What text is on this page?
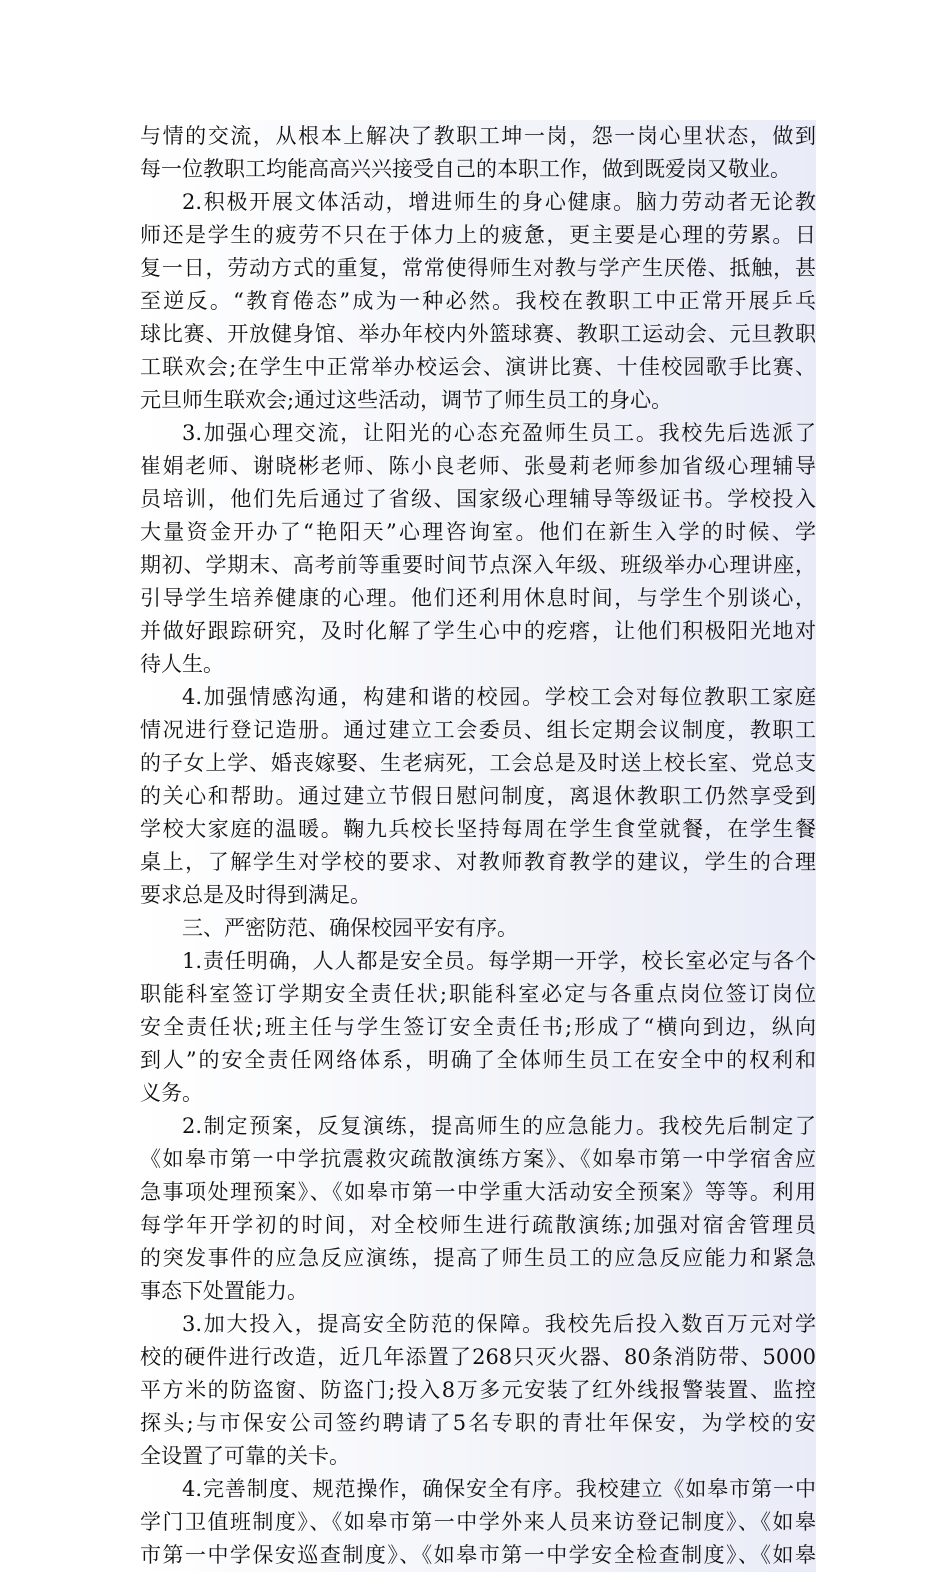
与情的交流，从根本上解决了教职工坤一岗，怨一岗心里状态，做到
每一位教职工均能高高兴兴接受自己的本职工作，做到既爱岗又敬业。
2.积极开展文体活动，增进师生的身心健康。脑力劳动者无论教
师还是学生的疲劳不只在于体力上的疲惫，更主要是心理的劳累。日
复一日，劳动方式的重复，常常使得师生对教与学产生厌倦、抵触，甚
至逆反。“教育倦态”成为一种必然。我校在教职工中正常开展乒乓
球比赛、开放健身馆、举办年校内外篮球赛、教职工运动会、元旦教职
工联欢会;在学生中正常举办校运会、演讲比赛、十佳校园歌手比赛、
元旦师生联欢会;通过这些活动，调节了师生员工的身心。
3.加强心理交流，让阳光的心态充盈师生员工。我校先后选派了
崔娟老师、谢晓彬老师、陈小良老师、张曼莉老师参加省级心理辅导
员培训，他们先后通过了省级、国家级心理辅导等级证书。学校投入
大量资金开办了“艳阳天”心理咨询室。他们在新生入学的时候、学
期初、学期末、高考前等重要时间节点深入年级、班级举办心理讲座，
引导学生培养健康的心理。他们还利用休息时间，与学生个别谈心，
并做好跟踪研究，及时化解了学生心中的疙瘩，让他们积极阳光地对
待人生。
4.加强情感沟通，构建和谐的校园。学校工会对每位教职工家庭
情况进行登记造册。通过建立工会委员、组长定期会议制度，教职工
的子女上学、婚丧嫁娶、生老病死，工会总是及时送上校长室、党总支
的关心和帮助。通过建立节假日慰问制度，离退休教职工仍然享受到
学校大家庭的温暖。鞠九兵校长坚持每周在学生食堂就餐，在学生餐
桌上，了解学生对学校的要求、对教师教育教学的建议，学生的合理
要求总是及时得到满足。
三、严密防范、确保校园平安有序。
1.责任明确，人人都是安全员。每学期一开学，校长室必定与各个
职能科室签订学期安全责任状;职能科室必定与各重点岗位签订岗位
安全责任状;班主任与学生签订安全责任书;形成了“横向到边，纵向
到人”的安全责任网络体系，明确了全体师生员工在安全中的权利和
义务。
2.制定预案，反复演练，提高师生的应急能力。我校先后制定了
《如皋市第一中学抗震救灾疏散演练方案》、《如皋市第一中学宿舍应
急事项处理预案》、《如皋市第一中学重大活动安全预案》等等。利用
每学年开学初的时间，对全校师生进行疏散演练;加强对宿舍管理员
的突发事件的应急反应演练，提高了师生员工的应急反应能力和紧急
事态下处置能力。
3.加大投入，提高安全防范的保障。我校先后投入数百万元对学
校的硬件进行改造，近几年添置了268只灭火器、80条消防带、5000
平方米的防盗窗、防盗门;投入8万多元安装了红外线报警装置、监控
探头;与市保安公司签约聘请了5名专职的青壮年保安，为学校的安
全设置了可靠的关卡。
4.完善制度、规范操作，确保安全有序。我校建立《如皋市第一中
学门卫值班制度》、《如皋市第一中学外来人员来访登记制度》、《如皋
市第一中学保安巡查制度》、《如皋市第一中学安全检查制度》、《如皋
